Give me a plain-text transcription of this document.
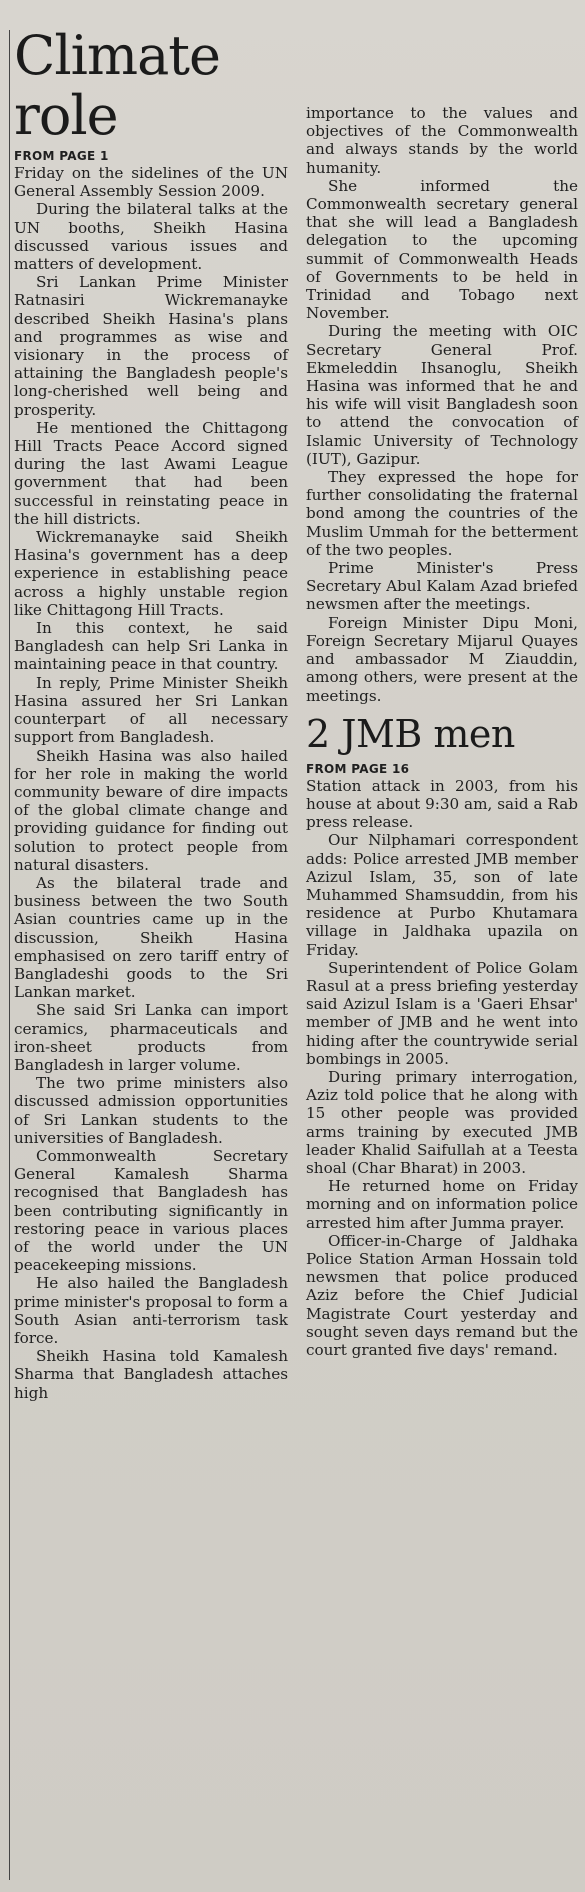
Climate role
FROM PAGE 1

Friday on the sidelines of the UN General Assembly Session 2009.

During the bilateral talks at the UN booths, Sheikh Hasina discussed various issues and matters of development.

Sri Lankan Prime Minister Ratnasiri Wickremanayke described Sheikh Hasina's plans and programmes as wise and visionary in the process of attaining the Bangladesh people's long-cherished well being and prosperity.

He mentioned the Chittagong Hill Tracts Peace Accord signed during the last Awami League government that had been successful in reinstating peace in the hill districts.

Wickremanayke said Sheikh Hasina's government has a deep experience in establishing peace across a highly unstable region like Chittagong Hill Tracts.

In this context, he said Bangladesh can help Sri Lanka in maintaining peace in that country.

In reply, Prime Minister Sheikh Hasina assured her Sri Lankan counterpart of all necessary support from Bangladesh.

Sheikh Hasina was also hailed for her role in making the world community beware of dire impacts of the global climate change and providing guidance for finding out solution to protect people from natural disasters.

As the bilateral trade and business between the two South Asian countries came up in the discussion, Sheikh Hasina emphasised on zero tariff entry of Bangladeshi goods to the Sri Lankan market.

She said Sri Lanka can import ceramics, pharmaceuticals and iron-sheet products from Bangladesh in larger volume.

The two prime ministers also discussed admission opportunities of Sri Lankan students to the universities of Bangladesh.

Commonwealth Secretary General Kamalesh Sharma recognised that Bangladesh has been contributing significantly in restoring peace in various places of the world under the UN peacekeeping missions.

He also hailed the Bangladesh prime minister's proposal to form a South Asian anti-terrorism task force.

Sheikh Hasina told Kamalesh Sharma that Bangladesh attaches high

importance to the values and objectives of the Commonwealth and always stands by the world humanity.

She informed the Commonwealth secretary general that she will lead a Bangladesh delegation to the upcoming summit of Commonwealth Heads of Governments to be held in Trinidad and Tobago next November.

During the meeting with OIC Secretary General Prof. Ekmeleddin Ihsanoglu, Sheikh Hasina was informed that he and his wife will visit Bangladesh soon to attend the convocation of Islamic University of Technology (IUT), Gazipur.

They expressed the hope for further consolidating the fraternal bond among the countries of the Muslim Ummah for the betterment of the two peoples.

Prime Minister's Press Secretary Abul Kalam Azad briefed newsmen after the meetings.

Foreign Minister Dipu Moni, Foreign Secretary Mijarul Quayes and ambassador M Ziauddin, among others, were present at the meetings.

2 JMB men
FROM PAGE 16

Station attack in 2003, from his house at about 9:30 am, said a Rab press release.

Our Nilphamari correspondent adds: Police arrested JMB member Azizul Islam, 35, son of late Muhammed Shamsuddin, from his residence at Purbo Khutamara village in Jaldhaka upazila on Friday.

Superintendent of Police Golam Rasul at a press briefing yesterday said Azizul Islam is a 'Gaeri Ehsar' member of JMB and he went into hiding after the countrywide serial bombings in 2005.

During primary interrogation, Aziz told police that he along with 15 other people was provided arms training by executed JMB leader Khalid Saifullah at a Teesta shoal (Char Bharat) in 2003.

He returned home on Friday morning and on information police arrested him after Jumma prayer.

Officer-in-Charge of Jaldhaka Police Station Arman Hossain told newsmen that police produced Aziz before the Chief Judicial Magistrate Court yesterday and sought seven days remand but the court granted five days' remand.
